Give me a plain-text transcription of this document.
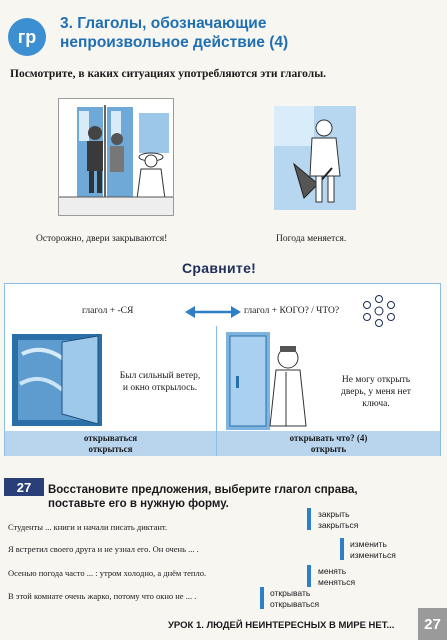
гр
3. Глаголы, обозначающие
непроизвольное действие (4)
Посмотрите, в каких ситуациях употребляются эти глаголы.
Осторожно, двери закрываются!	Погода меняется.
Сравните!
глагол + -СЯ	глагол + КОГО? / ЧТО?
Был сильный ветер,
и окно открылось.
Не могу открыть
дверь, у меня нет
ключа.
открываться
открыться
открывать что? (4)
открыть
27	Восстановите предложения, выберите глагол справа,
поставьте его в нужную форму.
Студенты ... книги и начали писать диктант.
Я встретил своего друга и не узнал его. Он очень ... .
Осенью погода часто ... : утром холодно, а днём тепло.
В этой комнате очень жарко, потому что окно не ... .
закрыть
закрыться
изменить
измениться
менять
меняться
открывать
открываться
УРОК 1. ЛЮДЕЙ НЕИНТЕРЕСНЫХ В МИРЕ НЕТ...	27
